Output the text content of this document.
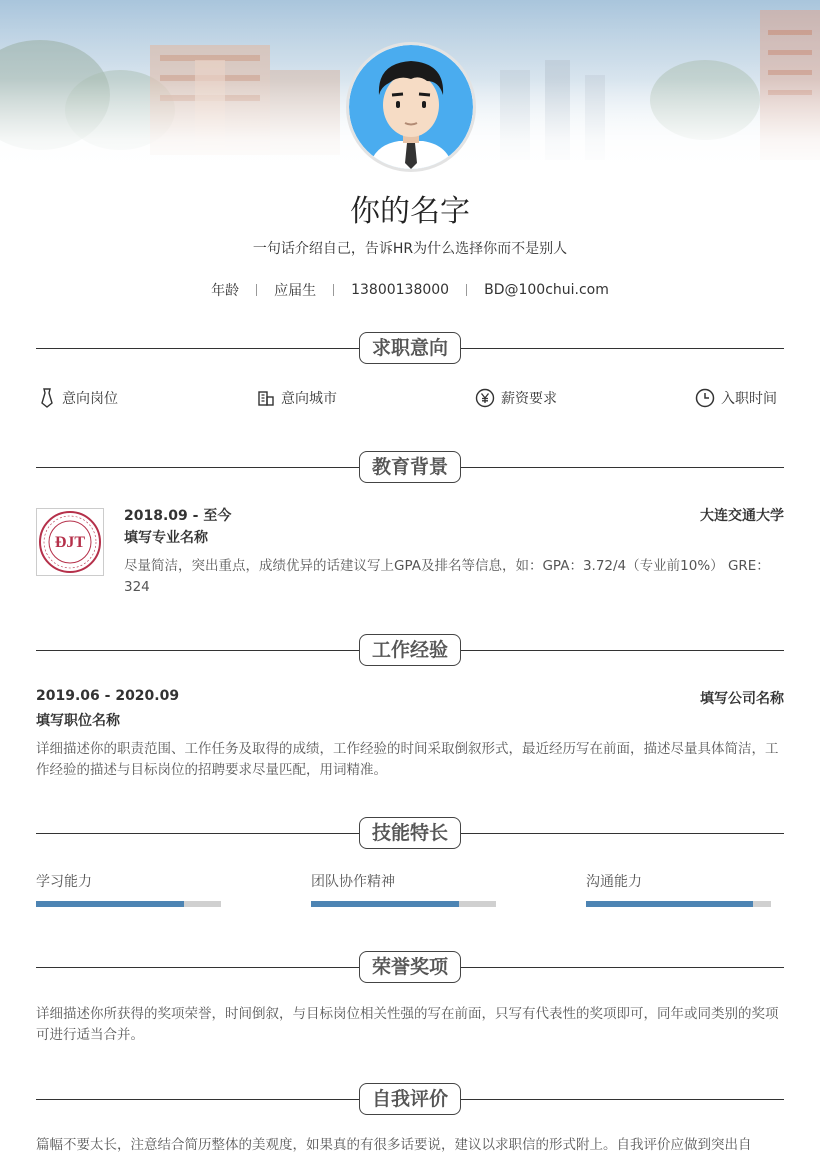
你的名字
一句话介绍自己，告诉HR为什么选择你而不是别人
年龄	应届生	13800138000	BD@100chui.com
求职意向
意向岗位	意向城市	薪资要求	入职时间
教育背景
ĐJT
2018.09 - 至今	大连交通大学
填写专业名称
尽量简洁，突出重点，成绩优异的话建议写上GPA及排名等信息，如：GPA：3.72/4（专业前10%） GRE：324
工作经验
2019.06 - 2020.09	填写公司名称
填写职位名称
详细描述你的职责范围、工作任务及取得的成绩，工作经验的时间采取倒叙形式，最近经历写在前面，描述尽量具体简洁，工作经验的描述与目标岗位的招聘要求尽量匹配，用词精准。
技能特长
学习能力	团队协作精神	沟通能力
荣誉奖项
详细描述你所获得的奖项荣誉，时间倒叙，与目标岗位相关性强的写在前面，只写有代表性的奖项即可，同年或同类别的奖项可进行适当合并。
自我评价
篇幅不要太长，注意结合简历整体的美观度，如果真的有很多话要说，建议以求职信的形式附上。自我评价应做到突出自
